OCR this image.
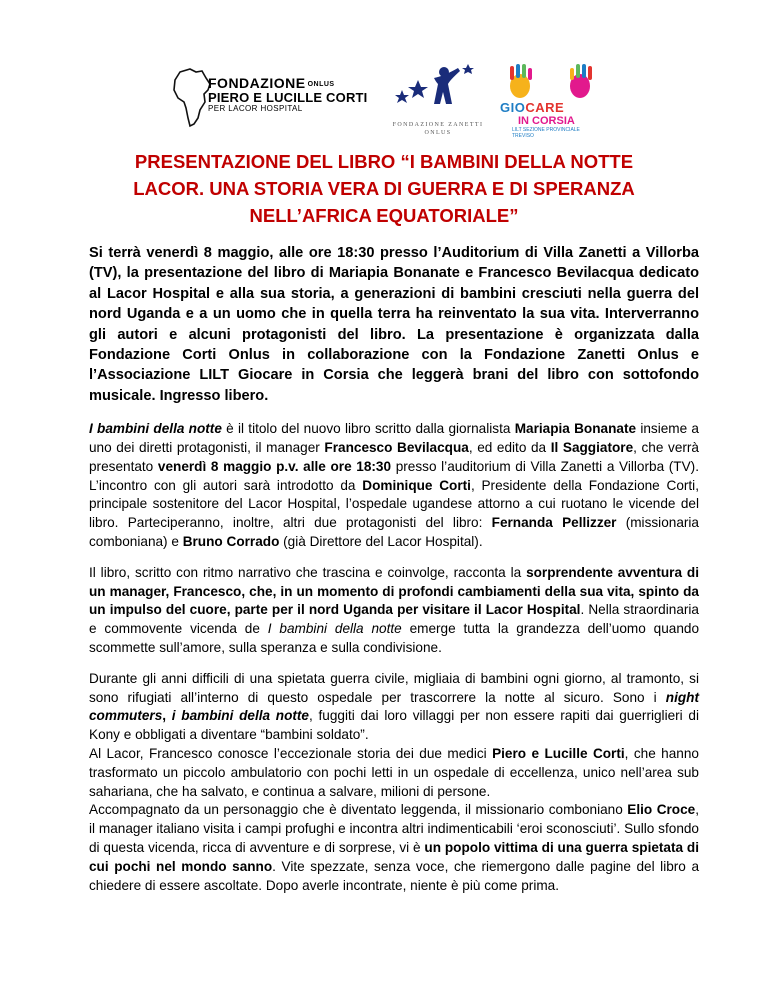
FONDAZIONE ONLUS
PIERO E LUCILLE CORTI
PER LACOR HOSPITAL
FONDAZIONE ZANETTI
ONLUS
GIOCARE
IN CORSIA
LILT SEZIONE PROVINCIALE TREVISO
PRESENTAZIONE DEL LIBRO “I BAMBINI DELLA NOTTE
LACOR. UNA STORIA VERA DI GUERRA E DI SPERANZA
NELL’AFRICA EQUATORIALE”

Si terrà venerdì 8 maggio, alle ore 18:30 presso l’Auditorium di Villa Zanetti a Villorba (TV), la presentazione del libro di Mariapia Bonanate e Francesco Bevilacqua dedicato al Lacor Hospital e alla sua storia, a generazioni di bambini cresciuti nella guerra del nord Uganda e a un uomo che in quella terra ha reinventato la sua vita. Interverranno gli autori e alcuni protagonisti del libro. La presentazione è organizzata dalla Fondazione Corti Onlus in collaborazione con la Fondazione Zanetti Onlus e l’Associazione LILT Giocare in Corsia che leggerà brani del libro con sottofondo musicale. Ingresso libero.

I bambini della notte è il titolo del nuovo libro scritto dalla giornalista Mariapia Bonanate insieme a uno dei diretti protagonisti, il manager Francesco Bevilacqua, ed edito da Il Saggiatore, che verrà presentato venerdì 8 maggio p.v. alle ore 18:30 presso l’auditorium di Villa Zanetti a Villorba (TV). L’incontro con gli autori sarà introdotto da Dominique Corti, Presidente della Fondazione Corti, principale sostenitore del Lacor Hospital, l’ospedale ugandese attorno a cui ruotano le vicende del libro. Parteciperanno, inoltre, altri due protagonisti del libro: Fernanda Pellizzer (missionaria comboniana) e Bruno Corrado (già Direttore del Lacor Hospital).

Il libro, scritto con ritmo narrativo che trascina e coinvolge, racconta la sorprendente avventura di un manager, Francesco, che, in un momento di profondi cambiamenti della sua vita, spinto da un impulso del cuore, parte per il nord Uganda per visitare il Lacor Hospital. Nella straordinaria e commovente vicenda de I bambini della notte emerge tutta la grandezza dell’uomo quando scommette sull’amore, sulla speranza e sulla condivisione.

Durante gli anni difficili di una spietata guerra civile, migliaia di bambini ogni giorno, al tramonto, si sono rifugiati all’interno di questo ospedale per trascorrere la notte al sicuro. Sono i night commuters, i bambini della notte, fuggiti dai loro villaggi per non essere rapiti dai guerriglieri di Kony e obbligati a diventare “bambini soldato”.
Al Lacor, Francesco conosce l’eccezionale storia dei due medici Piero e Lucille Corti, che hanno trasformato un piccolo ambulatorio con pochi letti in un ospedale di eccellenza, unico nell’area sub sahariana, che ha salvato, e continua a salvare, milioni di persone.
Accompagnato da un personaggio che è diventato leggenda, il missionario comboniano Elio Croce, il manager italiano visita i campi profughi e incontra altri indimenticabili ‘eroi sconosciuti’. Sullo sfondo di questa vicenda, ricca di avventure e di sorprese, vi è un popolo vittima di una guerra spietata di cui pochi nel mondo sanno. Vite spezzate, senza voce, che riemergono dalle pagine del libro a chiedere di essere ascoltate. Dopo averle incontrate, niente è più come prima.
